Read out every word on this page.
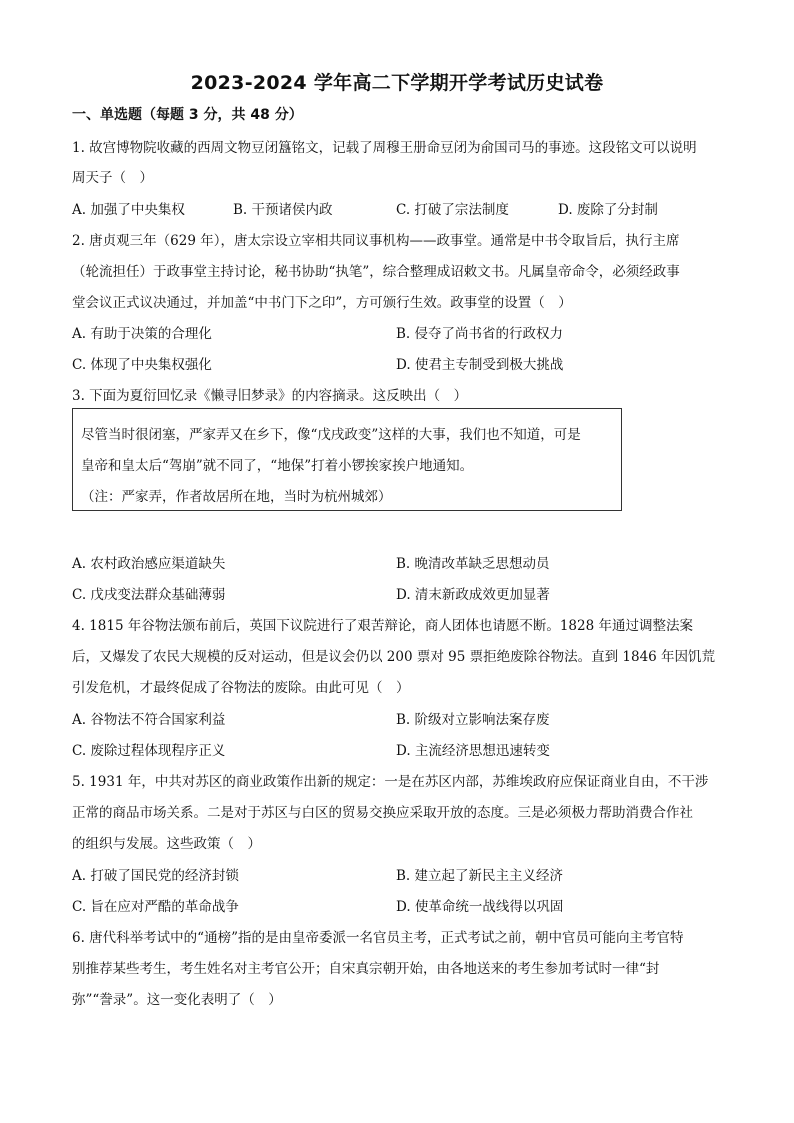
2023-2024 学年高二下学期开学考试历史试卷
一、单选题（每题 3 分，共 48 分）
1. 故宫博物院收藏的西周文物豆闭簋铭文，记载了周穆王册命豆闭为俞国司马的事迹。这段铭文可以说明
周天子（　）
A. 加强了中央集权	B. 干预诸侯内政	C. 打破了宗法制度	D. 废除了分封制
2. 唐贞观三年（629 年），唐太宗设立宰相共同议事机构——政事堂。通常是中书令取旨后，执行主席
（轮流担任）于政事堂主持讨论，秘书协助“执笔”，综合整理成诏敕文书。凡属皇帝命令，必须经政事
堂会议正式议决通过，并加盖“中书门下之印”，方可颁行生效。政事堂的设置（　）
A. 有助于决策的合理化	B. 侵夺了尚书省的行政权力
C. 体现了中央集权强化	D. 使君主专制受到极大挑战
3. 下面为夏衍回忆录《懒寻旧梦录》的内容摘录。这反映出（　）
尽管当时很闭塞，严家弄又在乡下，像“戊戌政变”这样的大事，我们也不知道，可是
皇帝和皇太后“驾崩”就不同了，“地保”打着小锣挨家挨户地通知。
（注：严家弄，作者故居所在地，当时为杭州城郊）
A. 农村政治感应渠道缺失	B. 晚清改革缺乏思想动员
C. 戊戌变法群众基础薄弱	D. 清末新政成效更加显著
4. 1815 年谷物法颁布前后，英国下议院进行了艰苦辩论，商人团体也请愿不断。1828 年通过调整法案
后，又爆发了农民大规模的反对运动，但是议会仍以 200 票对 95 票拒绝废除谷物法。直到 1846 年因饥荒
引发危机，才最终促成了谷物法的废除。由此可见（　）
A. 谷物法不符合国家利益	B. 阶级对立影响法案存废
C. 废除过程体现程序正义	D. 主流经济思想迅速转变
5. 1931 年，中共对苏区的商业政策作出新的规定：一是在苏区内部，苏维埃政府应保证商业自由，不干涉
正常的商品市场关系。二是对于苏区与白区的贸易交换应采取开放的态度。三是必须极力帮助消费合作社
的组织与发展。这些政策（　）
A. 打破了国民党的经济封锁	B. 建立起了新民主主义经济
C. 旨在应对严酷的革命战争	D. 使革命统一战线得以巩固
6. 唐代科举考试中的“通榜”指的是由皇帝委派一名官员主考，正式考试之前，朝中官员可能向主考官特
别推荐某些考生，考生姓名对主考官公开；自宋真宗朝开始，由各地送来的考生参加考试时一律“封
弥”“誊录”。这一变化表明了（　）
